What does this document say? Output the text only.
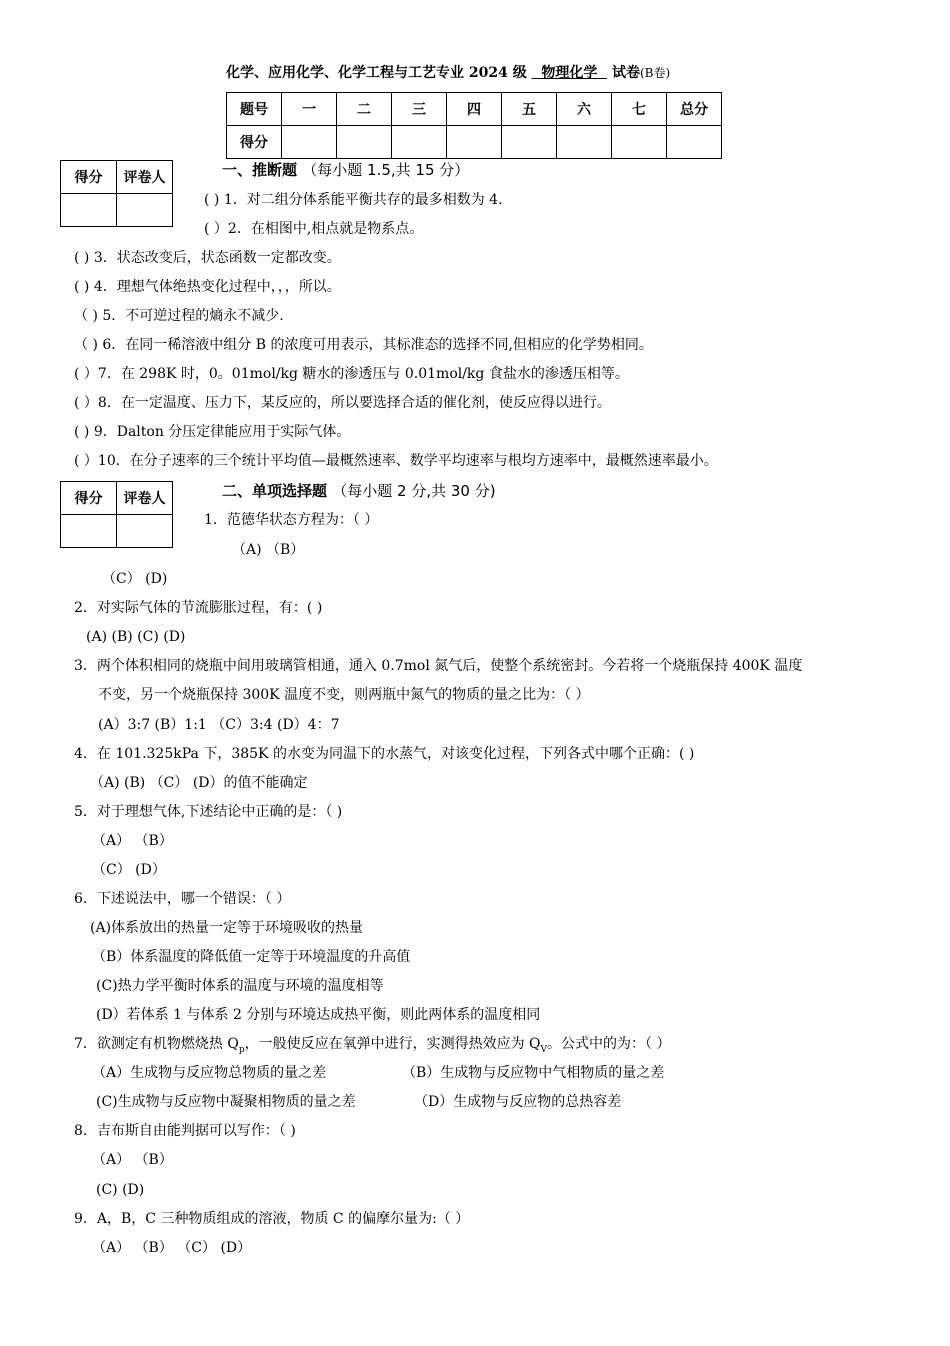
化学、应用化学、化学工程与工艺专业 2024 级 物理化学 试卷(B卷)
题号	一	二	三	四	五	六	七	总分
得分								
得分	评卷人
		一、推断题 （每小题 1.5,共 15 分）
( ) 1．对二组分体系能平衡共存的最多相数为 4.
( ）2．在相图中,相点就是物系点。
( ) 3．状态改变后，状态函数一定都改变。
( ) 4．理想气体绝热变化过程中，，，所以。
（ ) 5．不可逆过程的熵永不减少.
（ ) 6．在同一稀溶液中组分 B 的浓度可用表示，其标准态的选择不同,但相应的化学势相同。
( ）7．在 298K 时，0。01mol/kg 糖水的渗透压与 0.01mol/kg 食盐水的渗透压相等。
( ）8．在一定温度、压力下，某反应的，所以要选择合适的催化剂，使反应得以进行。
( ) 9．Dalton 分压定律能应用于实际气体。
( ）10．在分子速率的三个统计平均值—最概然速率、数学平均速率与根均方速率中，最概然速率最小。
得分	评卷人
		二、单项选择题 （每小题 2 分,共 30 分)
1．范德华状态方程为：（ ）
（A) （B）
（C） (D)
2．对实际气体的节流膨胀过程，有：( )
(A) (B) (C) (D)
3．两个体积相同的烧瓶中间用玻璃管相通，通入 0.7mol 氮气后，使整个系统密封。今若将一个烧瓶保持 400K 温度
不变，另一个烧瓶保持 300K 温度不变，则两瓶中氮气的物质的量之比为：（ ）
(A）3:7 (B）1:1 （C）3:4 (D）4：7
4．在 101.325kPa 下，385K 的水变为同温下的水蒸气，对该变化过程，下列各式中哪个正确：( )
（A) (B) （C） (D）的值不能确定
5．对于理想气体,下述结论中正确的是：（ )
（A） （B）
（C） (D）
6．下述说法中，哪一个错误：（ ）
(A)体系放出的热量一定等于环境吸收的热量
（B）体系温度的降低值一定等于环境温度的升高值
(C)热力学平衡时体系的温度与环境的温度相等
(D）若体系 1 与体系 2 分别与环境达成热平衡，则此两体系的温度相同
7．欲测定有机物燃烧热 $Q_p$，一般使反应在氧弹中进行，实测得热效应为 $Q_V$。公式中的为：（ ）
（A）生成物与反应物总物质的量之差	（B）生成物与反应物中气相物质的量之差
(C)生成物与反应物中凝聚相物质的量之差	（D）生成物与反应物的总热容差
8．吉布斯自由能判据可以写作：（ )
（A） （B）
(C) (D)
9．A，B，C 三种物质组成的溶液，物质 C 的偏摩尔量为:（ ）
（A） （B） （C） (D）
